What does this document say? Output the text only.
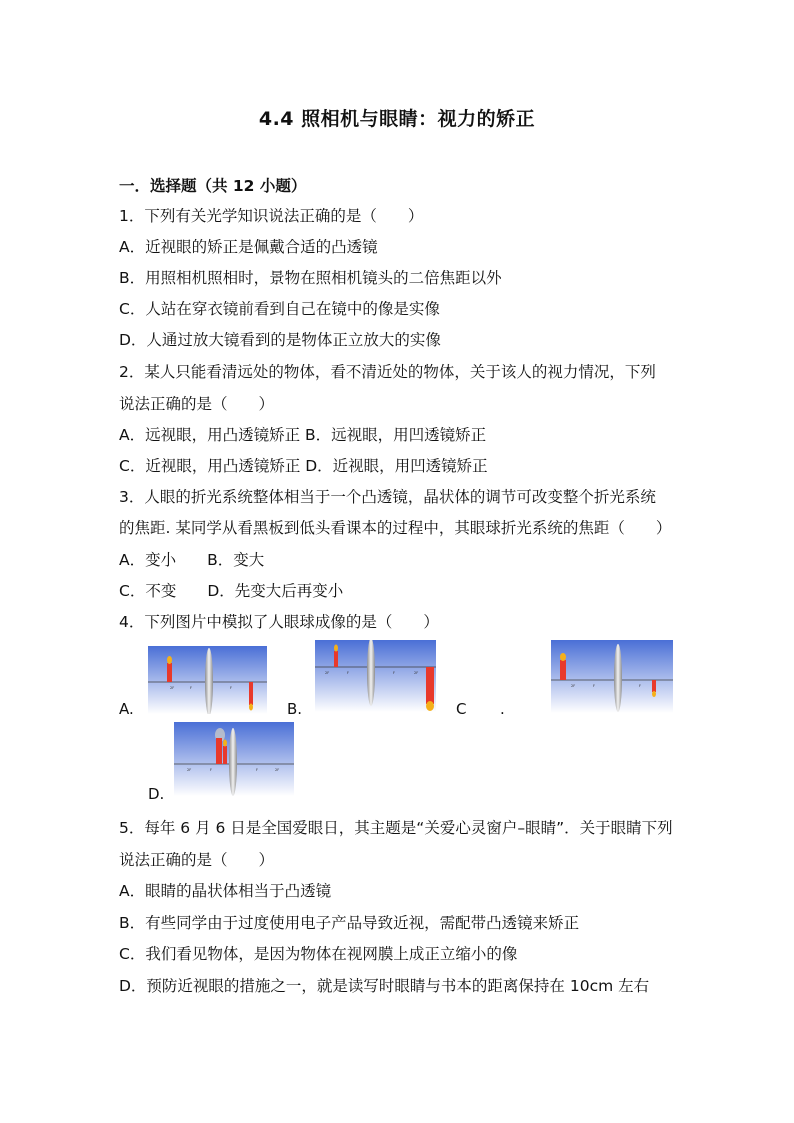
4.4 照相机与眼睛：视力的矫正
一．选择题（共 12 小题）
1．下列有关光学知识说法正确的是（　　）
A．近视眼的矫正是佩戴合适的凸透镜
B．用照相机照相时，景物在照相机镜头的二倍焦距以外
C．人站在穿衣镜前看到自己在镜中的像是实像
D．人通过放大镜看到的是物体正立放大的实像
2．某人只能看清远处的物体，看不清近处的物体，关于该人的视力情况，下列
说法正确的是（　　）
A．远视眼，用凸透镜矫正 B．远视眼，用凹透镜矫正
C．近视眼，用凸透镜矫正 D．近视眼，用凹透镜矫正
3．人眼的折光系统整体相当于一个凸透镜，晶状体的调节可改变整个折光系统
的焦距. 某同学从看黑板到低头看课本的过程中，其眼球折光系统的焦距（　　）
A．变小　　B．变大
C．不变　　D．先变大后再变小
4．下列图片中模拟了人眼球成像的是（　　）
A.
2F	F	F
B.
2F	F	F	2F
C .
2F	F	F
D.
2F	F	F	2F
5．每年 6 月 6 日是全国爱眼日，其主题是“关爱心灵窗户–眼睛”．关于眼睛下列
说法正确的是（　　）
A．眼睛的晶状体相当于凸透镜
B．有些同学由于过度使用电子产品导致近视，需配带凸透镜来矫正
C．我们看见物体，是因为物体在视网膜上成正立缩小的像
D．预防近视眼的措施之一，就是读写时眼睛与书本的距离保持在 10cm 左右
